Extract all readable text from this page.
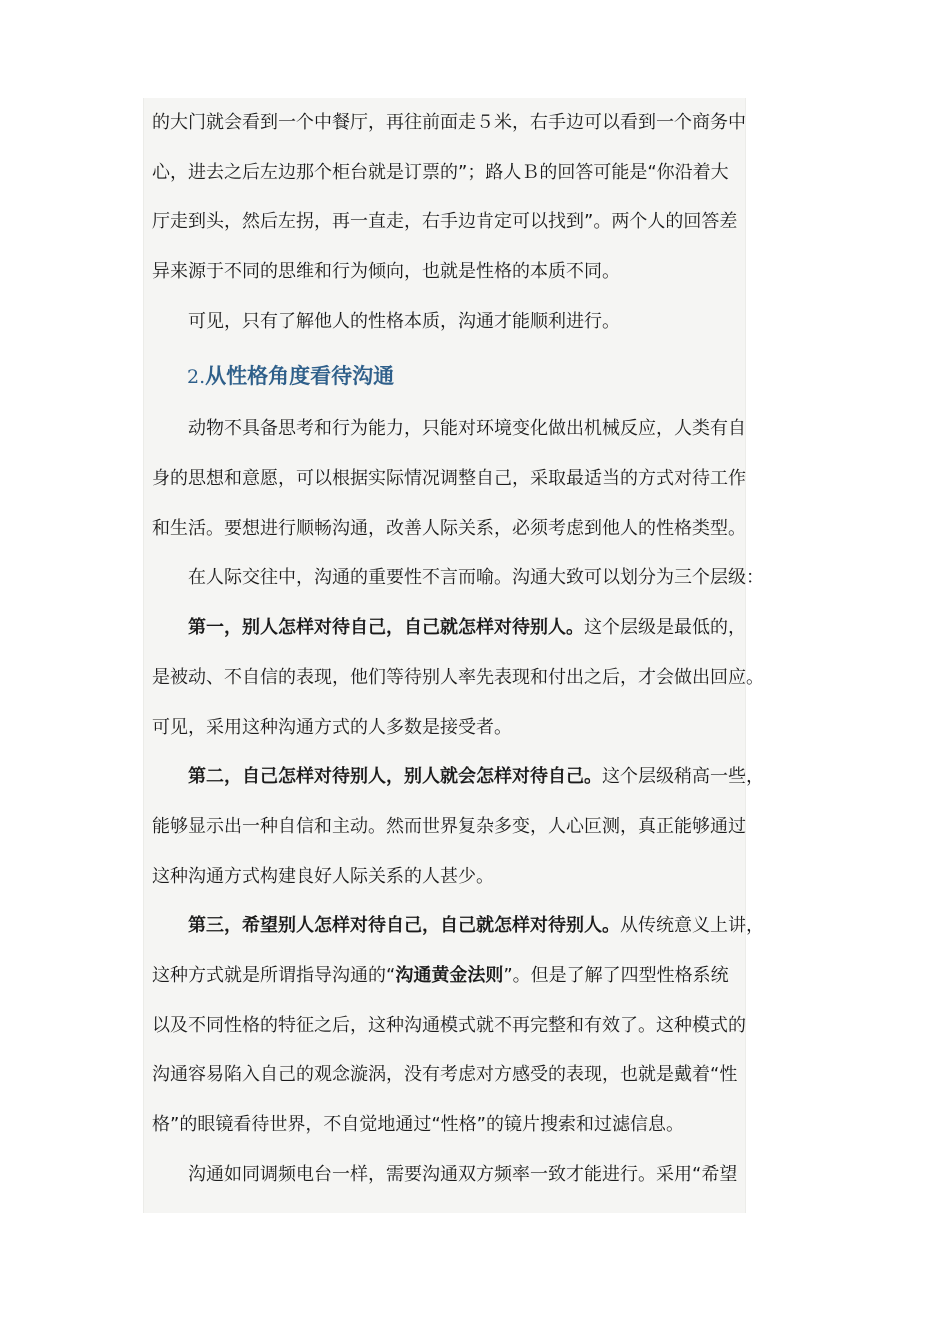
的大门就会看到一个中餐厅，再往前面走５米，右手边可以看到一个商务中
心，进去之后左边那个柜台就是订票的”；路人Ｂ的回答可能是“你沿着大
厅走到头，然后左拐，再一直走，右手边肯定可以找到”。两个人的回答差
异来源于不同的思维和行为倾向，也就是性格的本质不同。
可见，只有了解他人的性格本质，沟通才能顺利进行。
2.从性格角度看待沟通
动物不具备思考和行为能力，只能对环境变化做出机械反应，人类有自
身的思想和意愿，可以根据实际情况调整自己，采取最适当的方式对待工作
和生活。要想进行顺畅沟通，改善人际关系，必须考虑到他人的性格类型。
在人际交往中，沟通的重要性不言而喻。沟通大致可以划分为三个层级：
第一，别人怎样对待自己，自己就怎样对待别人。这个层级是最低的，
是被动、不自信的表现，他们等待别人率先表现和付出之后，才会做出回应。
可见，采用这种沟通方式的人多数是接受者。
第二，自己怎样对待别人，别人就会怎样对待自己。这个层级稍高一些，
能够显示出一种自信和主动。然而世界复杂多变，人心叵测，真正能够通过
这种沟通方式构建良好人际关系的人甚少。
第三，希望别人怎样对待自己，自己就怎样对待别人。从传统意义上讲，
这种方式就是所谓指导沟通的“沟通黄金法则”。但是了解了四型性格系统
以及不同性格的特征之后，这种沟通模式就不再完整和有效了。这种模式的
沟通容易陷入自己的观念漩涡，没有考虑对方感受的表现，也就是戴着“性
格”的眼镜看待世界，不自觉地通过“性格”的镜片搜索和过滤信息。
沟通如同调频电台一样，需要沟通双方频率一致才能进行。采用“希望
